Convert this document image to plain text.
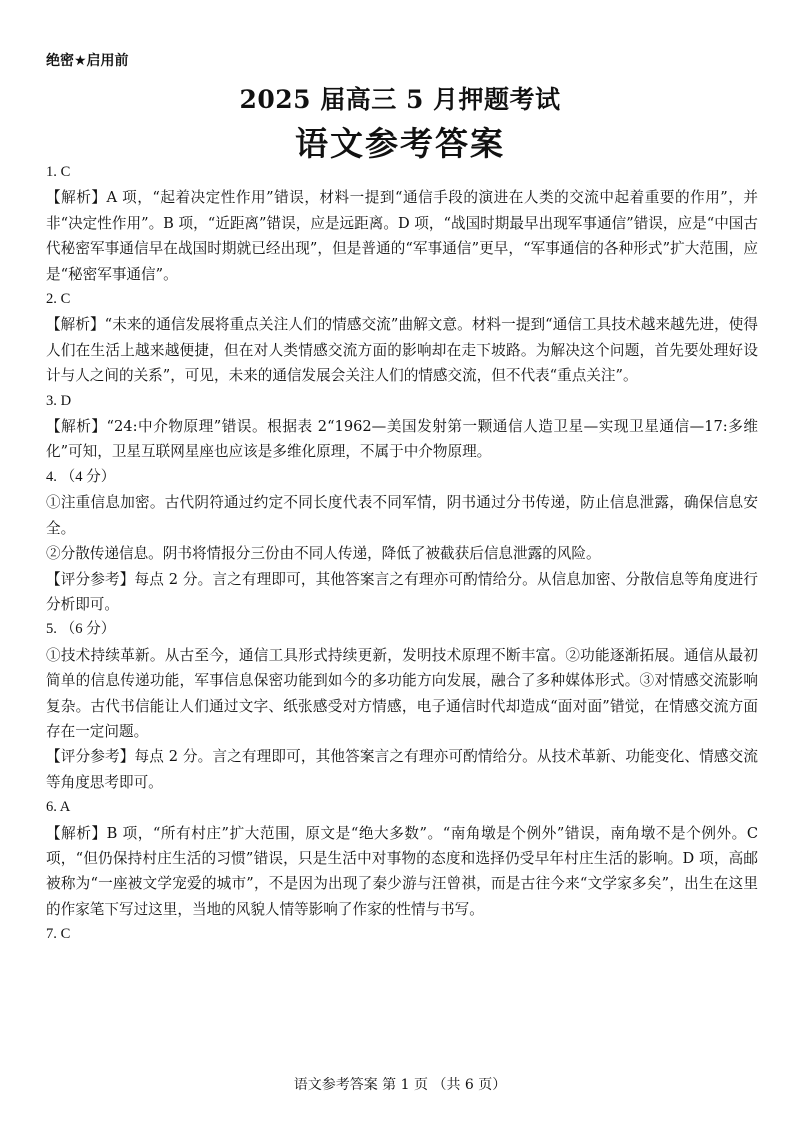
绝密★启用前
2025 届高三 5 月押题考试
语文参考答案
1. C
【解析】A 项，“起着决定性作用”错误，材料一提到“通信手段的演进在人类的交流中起着重要的作用”，并非“决定性作用”。B 项，“近距离”错误，应是远距离。D 项，“战国时期最早出现军事通信”错误，应是“中国古代秘密军事通信早在战国时期就已经出现”，但是普通的“军事通信”更早，“军事通信的各种形式”扩大范围，应是“秘密军事通信”。
2. C
【解析】“未来的通信发展将重点关注人们的情感交流”曲解文意。材料一提到“通信工具技术越来越先进，使得人们在生活上越来越便捷，但在对人类情感交流方面的影响却在走下坡路。为解决这个问题，首先要处理好设计与人之间的关系”，可见，未来的通信发展会关注人们的情感交流，但不代表“重点关注”。
3. D
【解析】“24:中介物原理”错误。根据表 2“1962—美国发射第一颗通信人造卫星—实现卫星通信—17:多维化”可知，卫星互联网星座也应该是多维化原理，不属于中介物原理。
4. （4 分）
①注重信息加密。古代阴符通过约定不同长度代表不同军情，阴书通过分书传递，防止信息泄露，确保信息安全。
②分散传递信息。阴书将情报分三份由不同人传递，降低了被截获后信息泄露的风险。
【评分参考】每点 2 分。言之有理即可，其他答案言之有理亦可酌情给分。从信息加密、分散信息等角度进行分析即可。
5. （6 分）
①技术持续革新。从古至今，通信工具形式持续更新，发明技术原理不断丰富。②功能逐渐拓展。通信从最初简单的信息传递功能，军事信息保密功能到如今的多功能方向发展，融合了多种媒体形式。③对情感交流影响复杂。古代书信能让人们通过文字、纸张感受对方情感，电子通信时代却造成“面对面”错觉，在情感交流方面存在一定问题。
【评分参考】每点 2 分。言之有理即可，其他答案言之有理亦可酌情给分。从技术革新、功能变化、情感交流等角度思考即可。
6. A
【解析】B 项，“所有村庄”扩大范围，原文是“绝大多数”。“南角墩是个例外”错误，南角墩不是个例外。C 项，“但仍保持村庄生活的习惯”错误，只是生活中对事物的态度和选择仍受早年村庄生活的影响。D 项，高邮被称为“一座被文学宠爱的城市”，不是因为出现了秦少游与汪曾祺，而是古往今来“文学家多矣”，出生在这里的作家笔下写过这里，当地的风貌人情等影响了作家的性情与书写。
7. C
语文参考答案 第 1 页 （共 6 页）
